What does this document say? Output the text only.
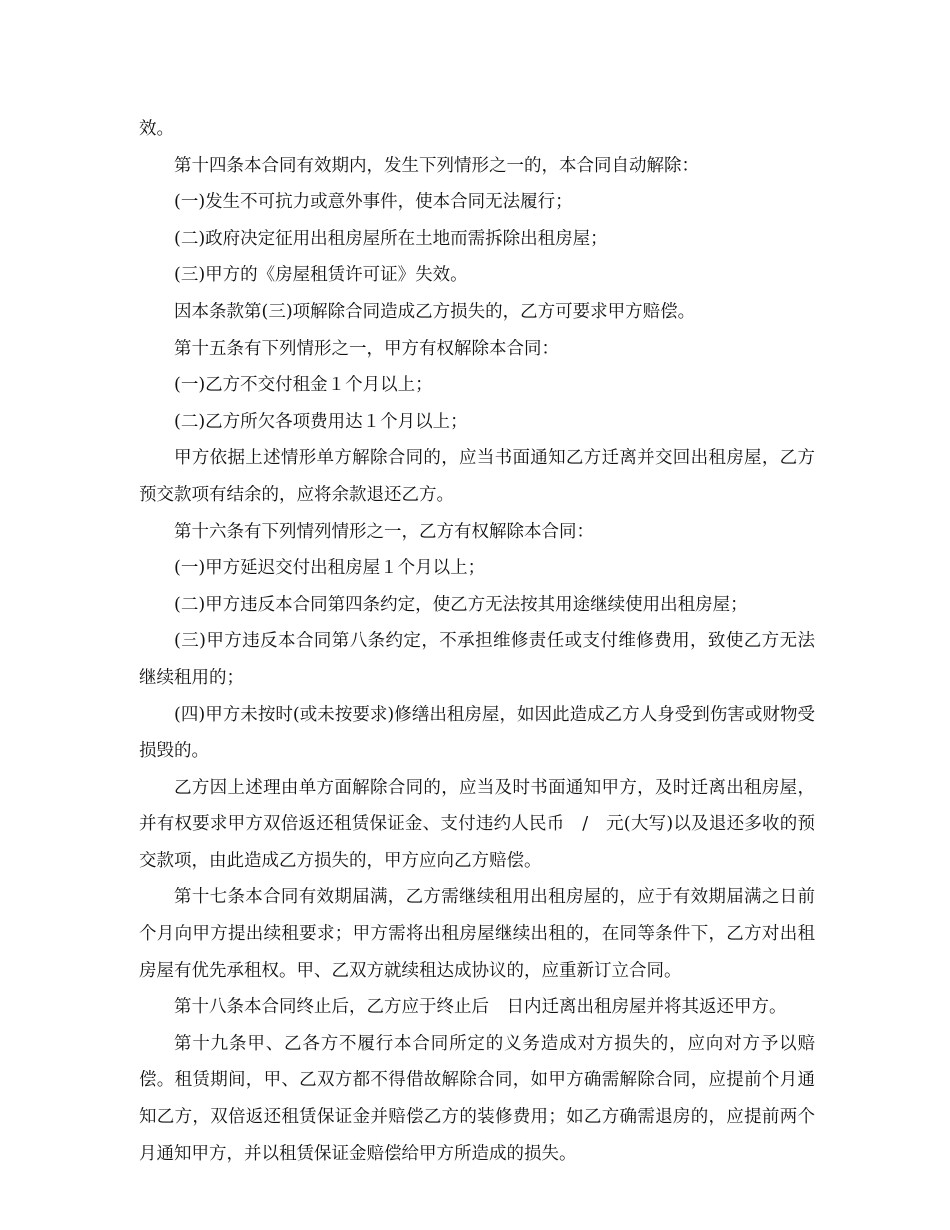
效。

第十四条本合同有效期内，发生下列情形之一的，本合同自动解除：

(一)发生不可抗力或意外事件，使本合同无法履行；

(二)政府决定征用出租房屋所在土地而需拆除出租房屋；

(三)甲方的《房屋租赁许可证》失效。

因本条款第(三)项解除合同造成乙方损失的，乙方可要求甲方赔偿。

第十五条有下列情形之一，甲方有权解除本合同：

(一)乙方不交付租金１个月以上；

(二)乙方所欠各项费用达１个月以上；

甲方依据上述情形单方解除合同的，应当书面通知乙方迁离并交回出租房屋，乙方预交款项有结余的，应将余款退还乙方。

第十六条有下列情列情形之一，乙方有权解除本合同：

(一)甲方延迟交付出租房屋１个月以上；

(二)甲方违反本合同第四条约定，使乙方无法按其用途继续使用出租房屋；

(三)甲方违反本合同第八条约定，不承担维修责任或支付维修费用，致使乙方无法继续租用的；

(四)甲方未按时(或未按要求)修缮出租房屋，如因此造成乙方人身受到伤害或财物受损毁的。

乙方因上述理由单方面解除合同的，应当及时书面通知甲方，及时迁离出租房屋，并有权要求甲方双倍返还租赁保证金、支付违约人民币　/　元(大写)以及退还多收的预交款项，由此造成乙方损失的，甲方应向乙方赔偿。

第十七条本合同有效期届满，乙方需继续租用出租房屋的，应于有效期届满之日前　个月向甲方提出续租要求；甲方需将出租房屋继续出租的，在同等条件下，乙方对出租房屋有优先承租权。甲、乙双方就续租达成协议的，应重新订立合同。

第十八条本合同终止后，乙方应于终止后　日内迁离出租房屋并将其返还甲方。

第十九条甲、乙各方不履行本合同所定的义务造成对方损失的，应向对方予以赔偿。租赁期间，甲、乙双方都不得借故解除合同，如甲方确需解除合同，应提前个月通知乙方，双倍返还租赁保证金并赔偿乙方的装修费用；如乙方确需退房的，应提前两个月通知甲方，并以租赁保证金赔偿给甲方所造成的损失。
